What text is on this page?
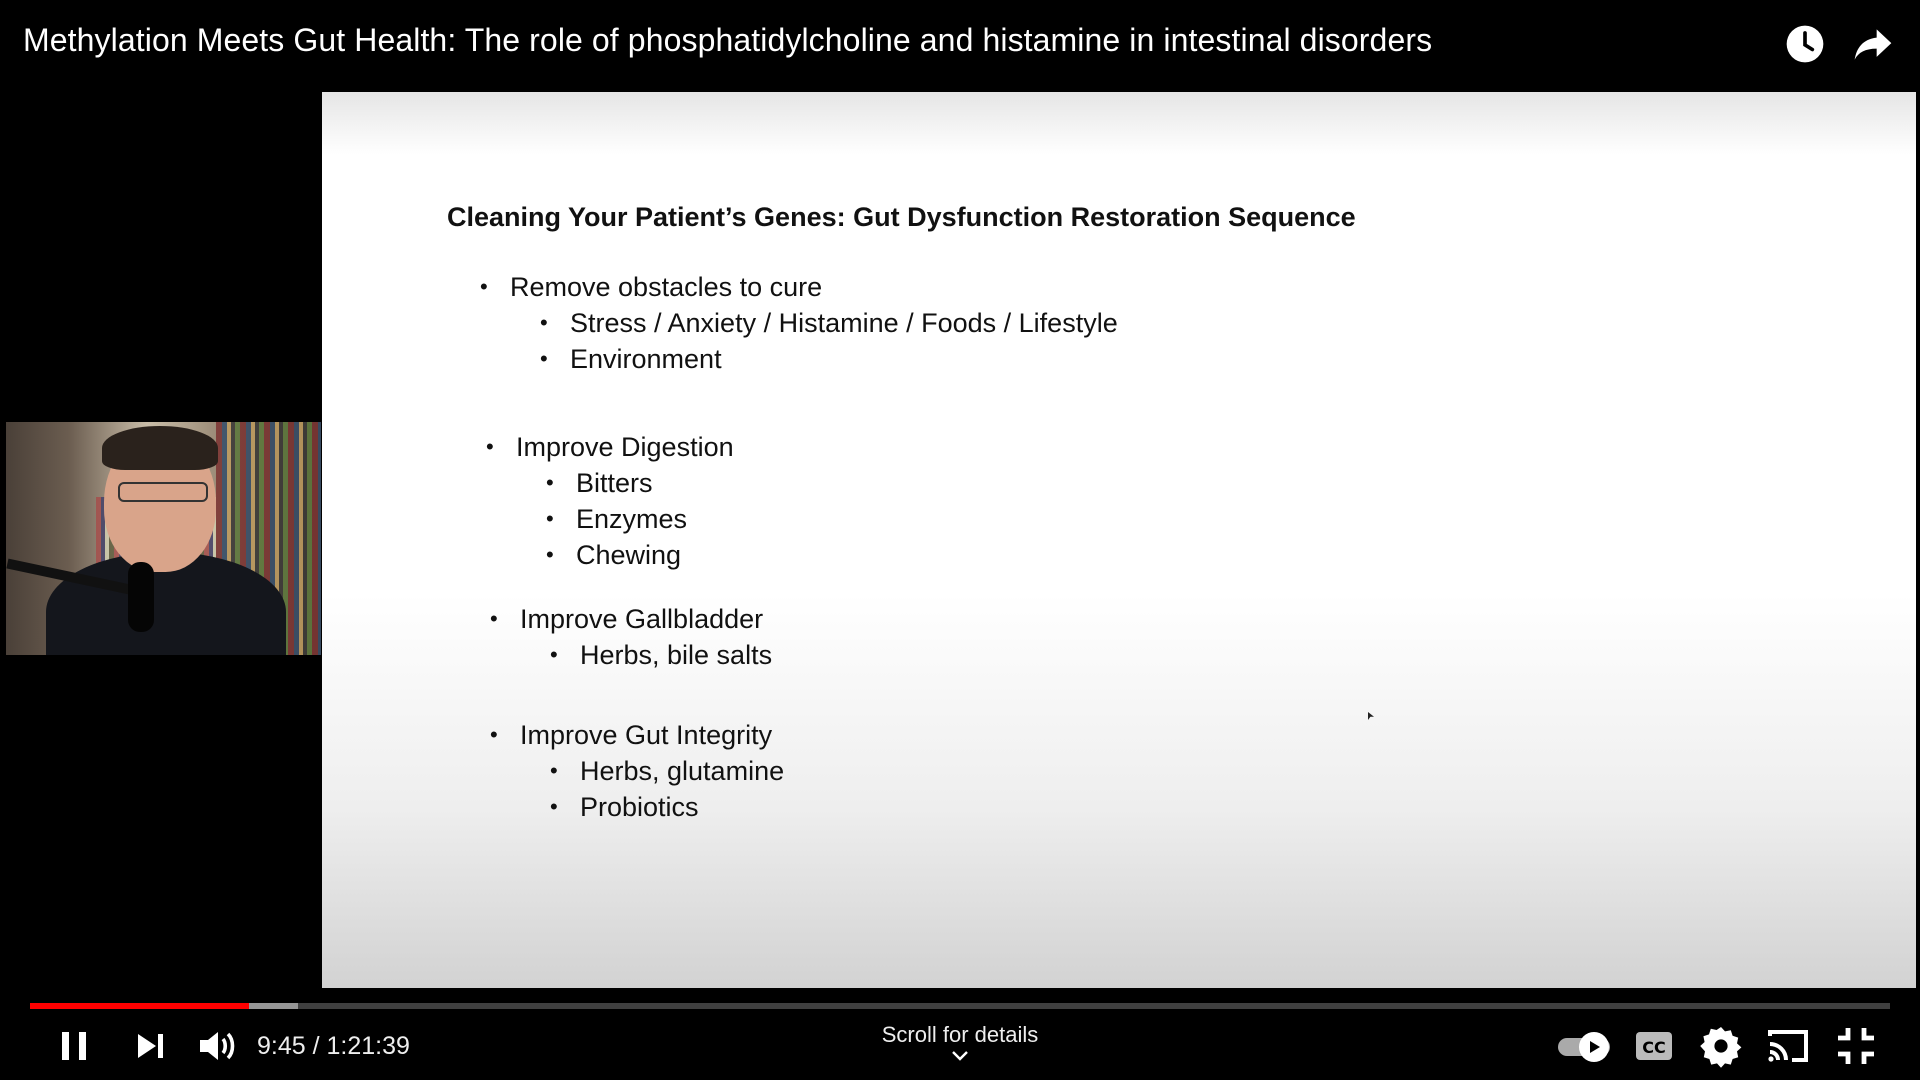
Methylation Meets Gut Health: The role of phosphatidylcholine and histamine in intestinal disorders
Cleaning Your Patient’s Genes: Gut Dysfunction Restoration Sequence
• Remove obstacles to cure
• Stress / Anxiety / Histamine / Foods / Lifestyle
• Environment
• Improve Digestion
• Bitters
• Enzymes
• Chewing
• Improve Gallbladder
• Herbs, bile salts
• Improve Gut Integrity
• Herbs, glutamine
• Probiotics
9:45 / 1:21:39	Scroll for details
CC
